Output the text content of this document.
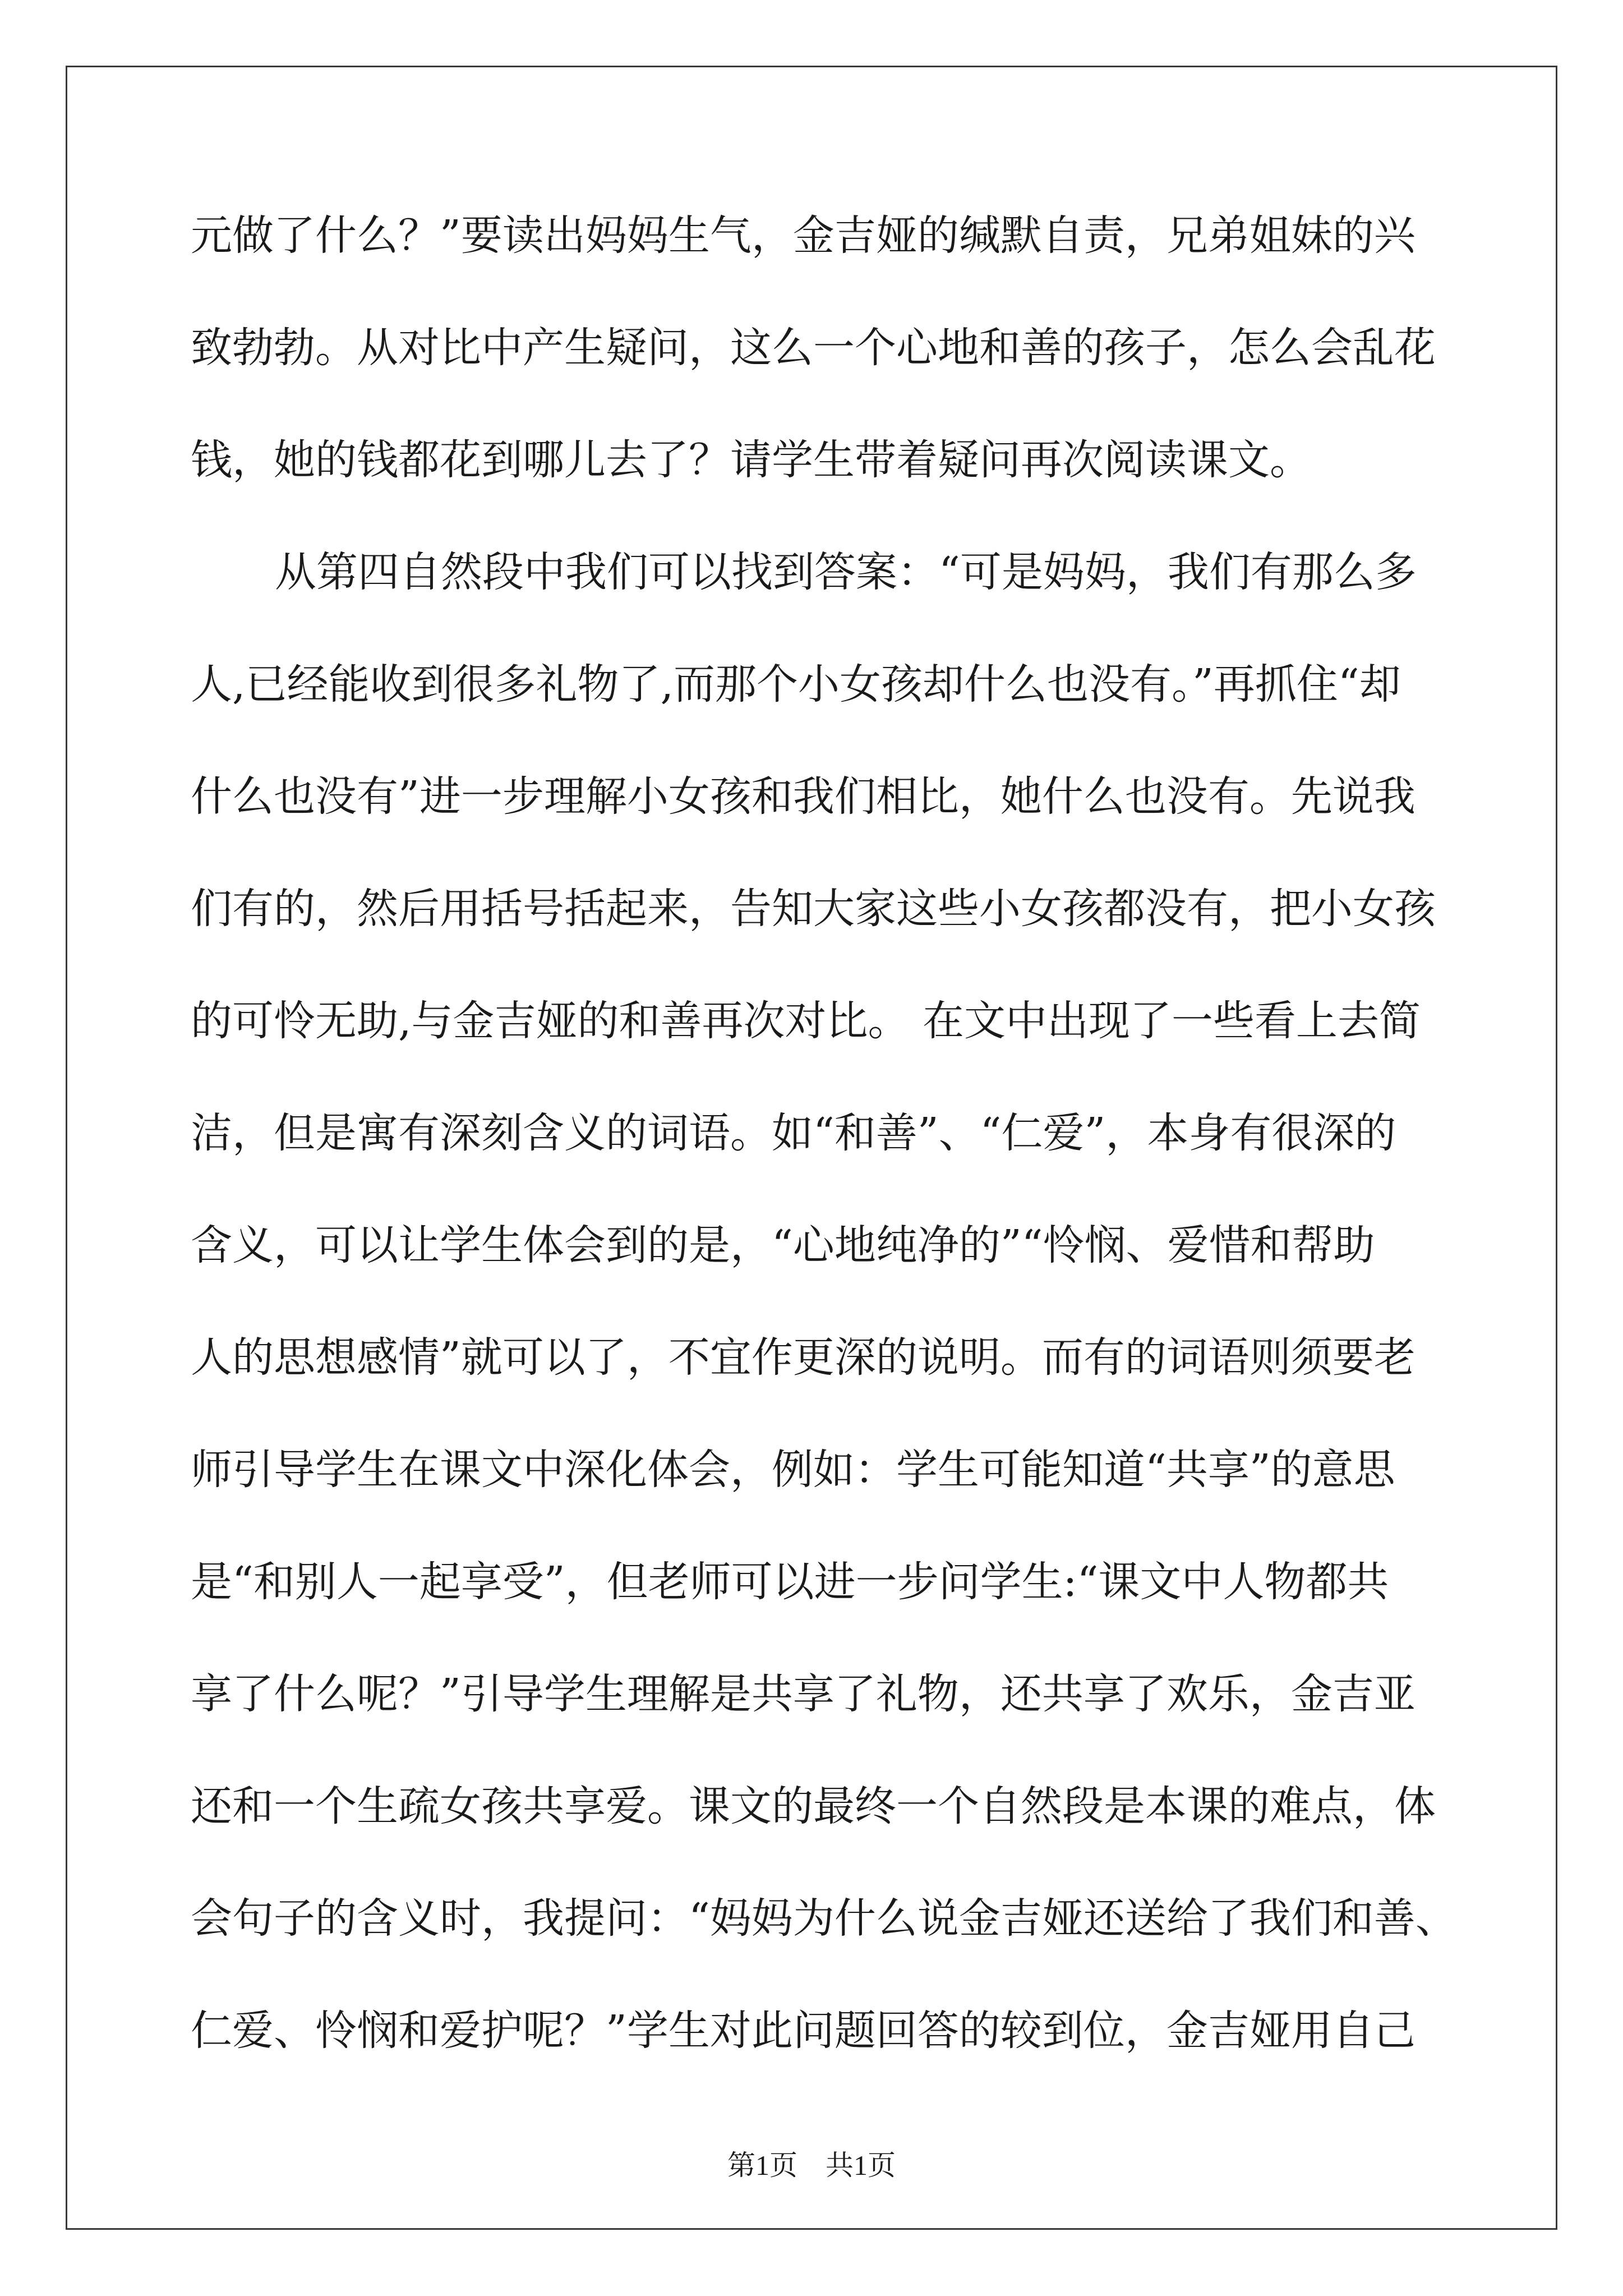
元做了什么？”要读出妈妈生气，金吉娅的缄默自责，兄弟姐妹的兴
致勃勃。从对比中产生疑问，这么一个心地和善的孩子，怎么会乱花
钱，她的钱都花到哪儿去了？请学生带着疑问再次阅读课文。
从第四自然段中我们可以找到答案：“可是妈妈，我们有那么多
人,已经能收到很多礼物了,而那个小女孩却什么也没有。”再抓住“却
什么也没有”进一步理解小女孩和我们相比，她什么也没有。先说我
们有的，然后用括号括起来，告知大家这些小女孩都没有，把小女孩
的可怜无助,与金吉娅的和善再次对比。 在文中出现了一些看上去简
洁，但是寓有深刻含义的词语。如“和善”、“仁爱”，本身有很深的
含义，可以让学生体会到的是，“心地纯净的”“怜悯、爱惜和帮助
人的思想感情”就可以了，不宜作更深的说明。而有的词语则须要老
师引导学生在课文中深化体会，例如：学生可能知道“共享”的意思
是“和别人一起享受”，但老师可以进一步问学生:“课文中人物都共
享了什么呢？”引导学生理解是共享了礼物，还共享了欢乐，金吉亚
还和一个生疏女孩共享爱。课文的最终一个自然段是本课的难点，体
会句子的含义时，我提问：“妈妈为什么说金吉娅还送给了我们和善、
仁爱、怜悯和爱护呢？”学生对此问题回答的较到位，金吉娅用自己
第1页　共1页
